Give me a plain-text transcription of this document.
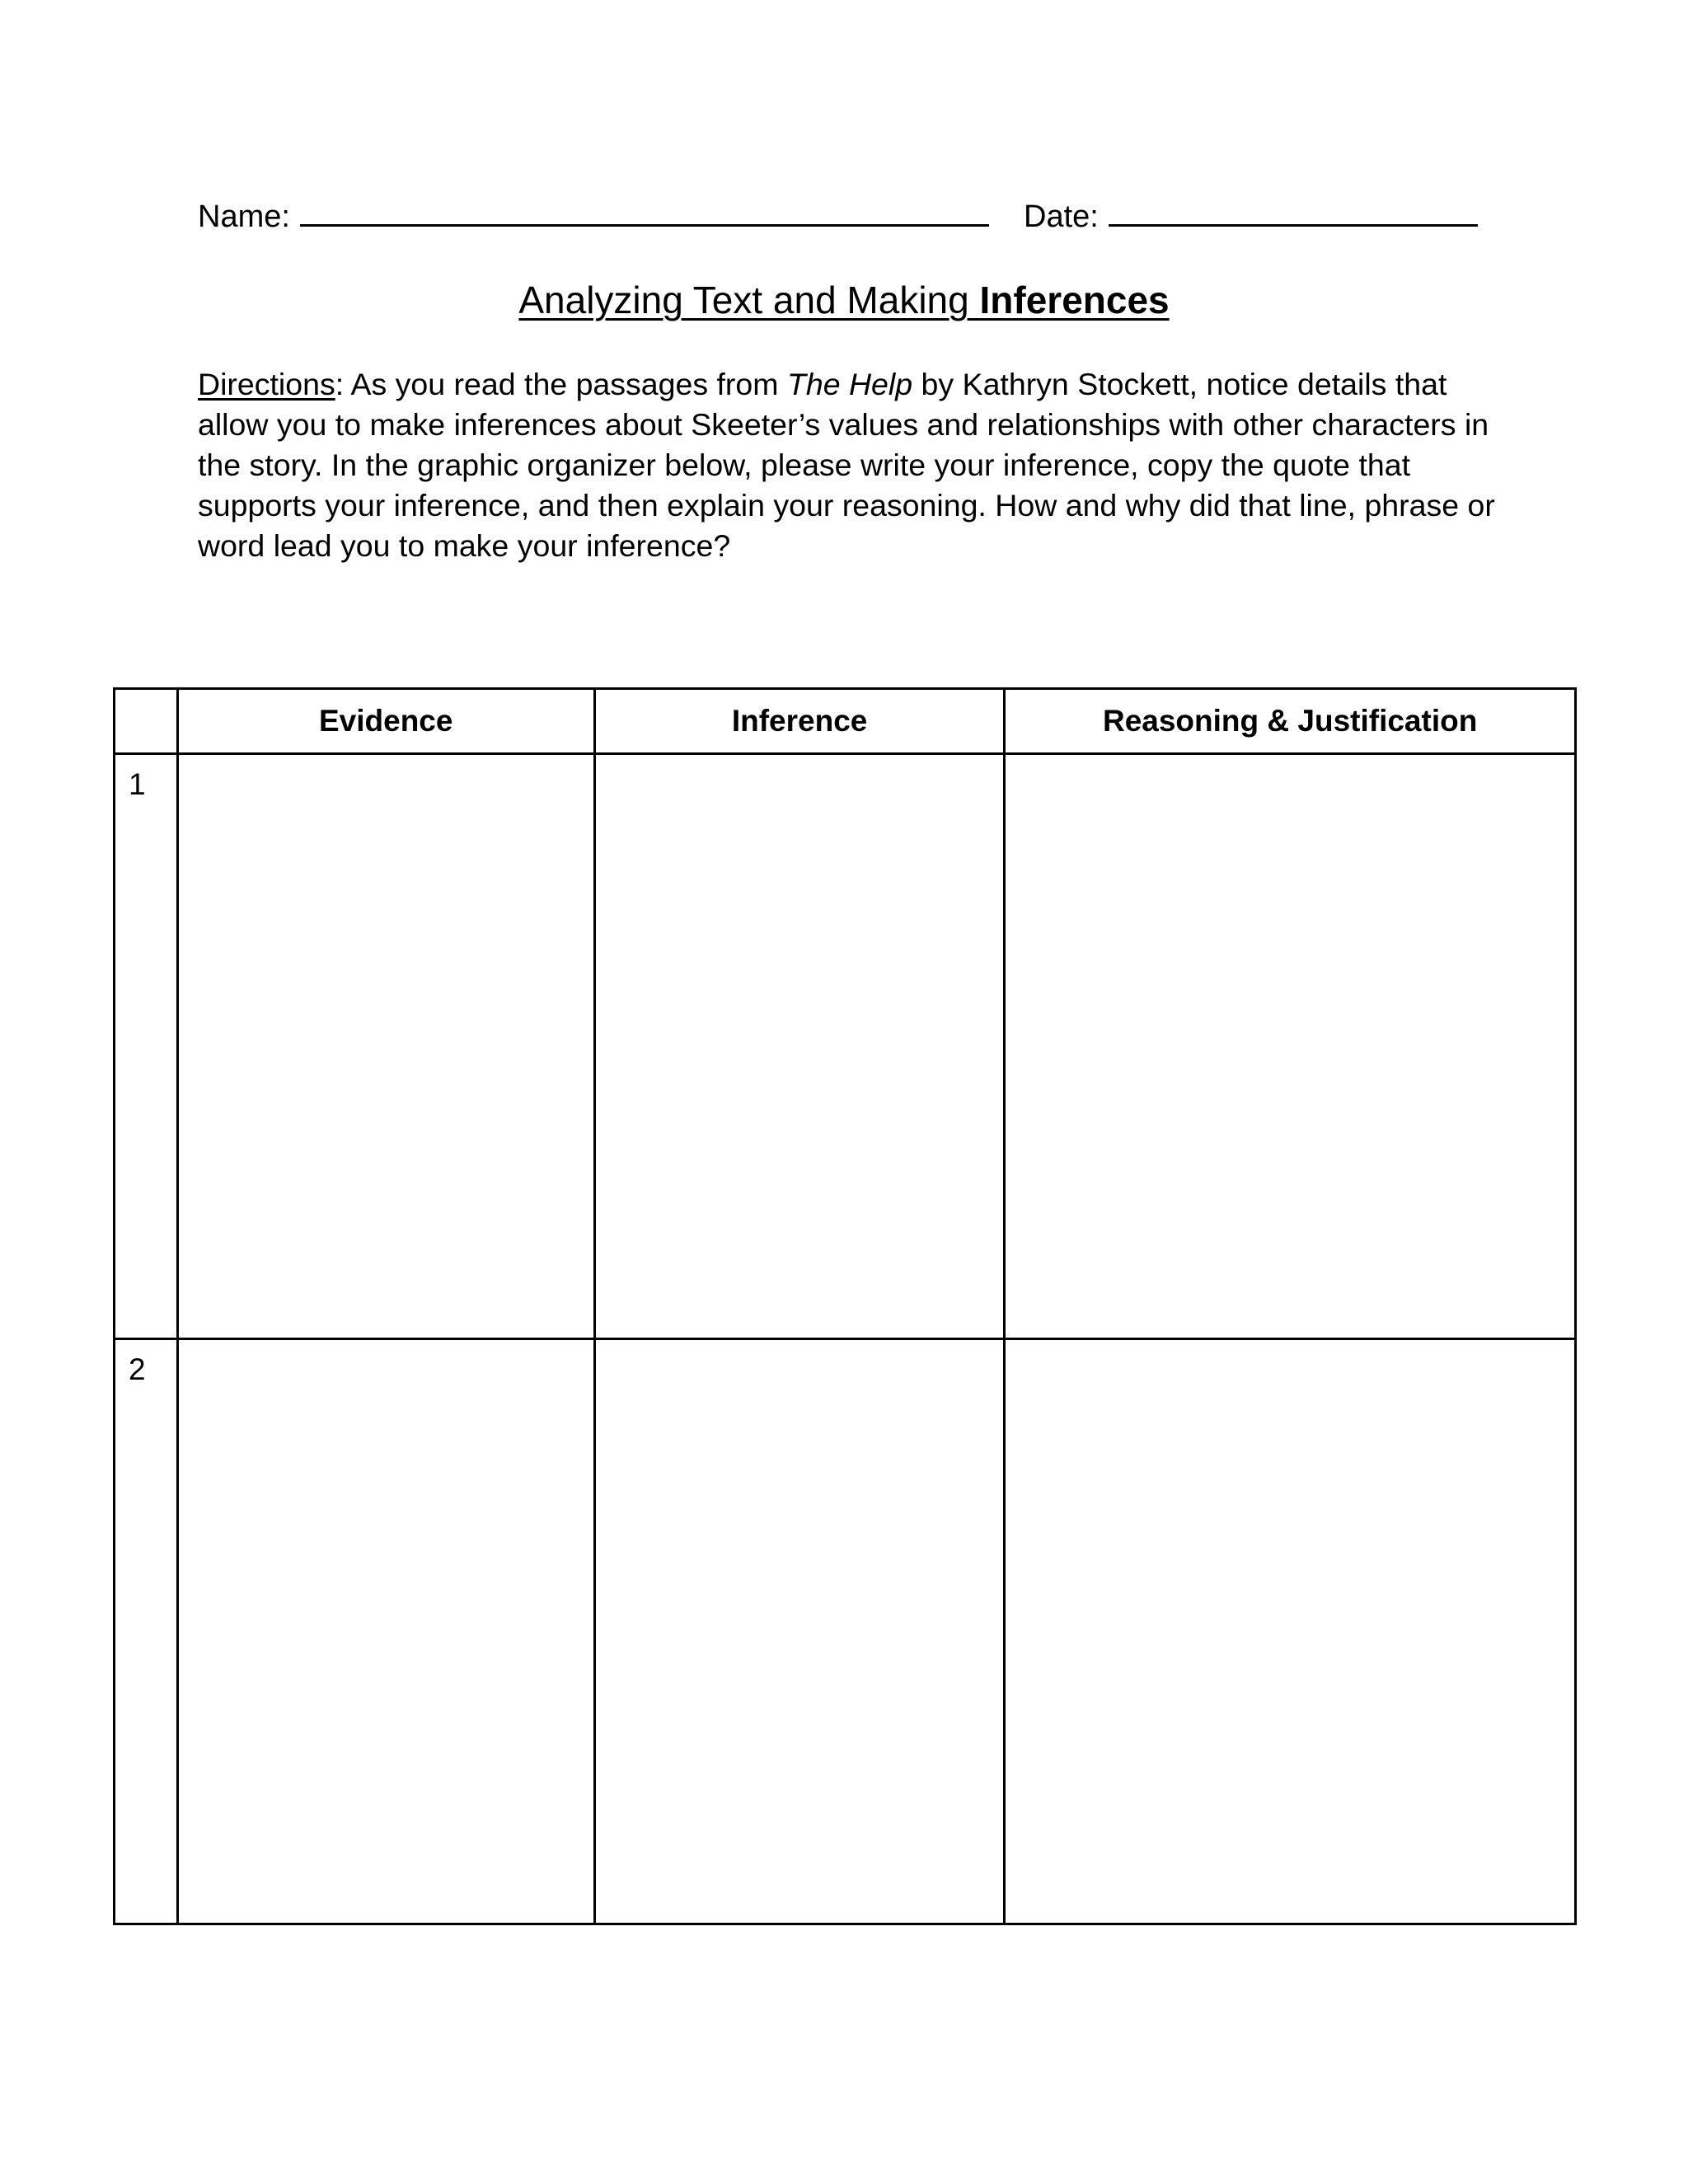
Name:	Date:
Analyzing Text and Making Inferences
Directions: As you read the passages from The Help by Kathryn Stockett, notice details that allow you to make inferences about Skeeter’s values and relationships with other characters in the story. In the graphic organizer below, please write your inference, copy the quote that supports your inference, and then explain your reasoning. How and why did that line, phrase or word lead you to make your inference?
	Evidence	Inference	Reasoning & Justification

1			

2			
